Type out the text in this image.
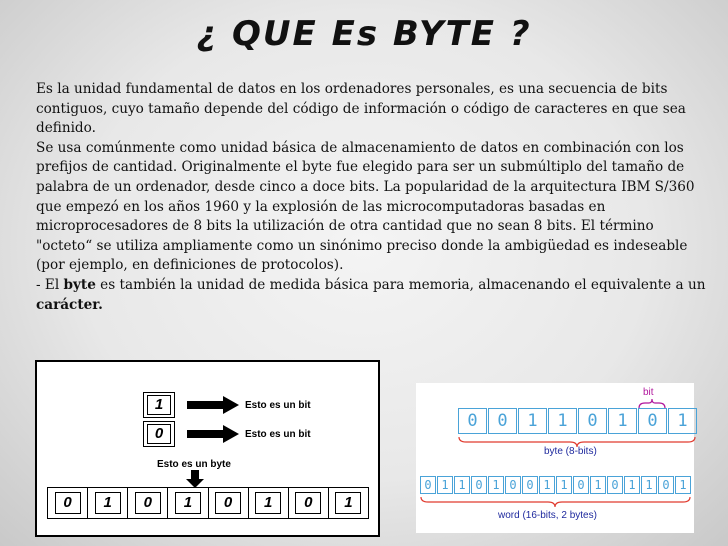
¿ QUE Es BYTE ?

Es la unidad fundamental de datos en los ordenadores personales, es una secuencia de bits contiguos, cuyo tamaño depende del código de información o código de caracteres en que sea definido.

Se usa comúnmente como unidad básica de almacenamiento de datos en combinación con los prefijos de cantidad. Originalmente el byte fue elegido para ser un submúltiplo del tamaño de palabra de un ordenador, desde cinco a doce bits. La popularidad de la arquitectura IBM S/360 que empezó en los años 1960 y la explosión de las microcomputadoras basadas en microprocesadores de 8 bits la utilización de otra cantidad que no sean 8 bits. El término "octeto“ se utiliza ampliamente como un sinónimo preciso donde la ambigüedad es indeseable (por ejemplo, en definiciones de protocolos).

- El byte es también la unidad de medida básica para memoria, almacenando el equivalente a un carácter.

1	Esto es un bit
0	Esto es un bit
Esto es un byte
0	1	0	1	0	1	0	1
bit
0	0	1	1	0	1	0	1
byte (8-bits)
0 1 1 0 1 0 0 1 1 0 1 0 1 1 0 1
word (16-bits, 2 bytes)
